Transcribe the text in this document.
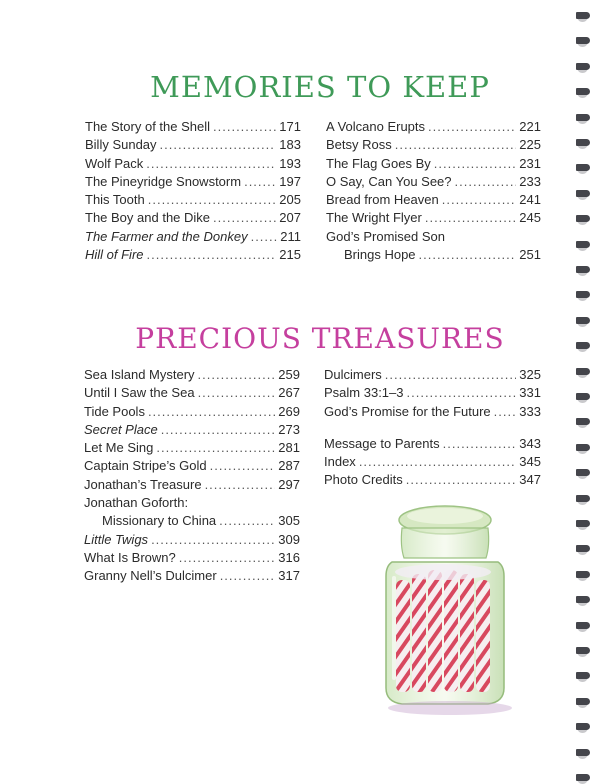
MEMORIES TO KEEP
The Story of the Shell .....	171
Billy Sunday .....	183
Wolf Pack .....	193
The Pineyridge Snowstorm .....	197
This Tooth .....	205
The Boy and the Dike .....	207
The Farmer and the Donkey .....	211
Hill of Fire .....	215
A Volcano Erupts .....	221
Betsy Ross .....	225
The Flag Goes By .....	231
O Say, Can You See? .....	233
Bread from Heaven .....	241
The Wright Flyer .....	245
God’s Promised Son
Brings Hope .....	251
PRECIOUS TREASURES
Sea Island Mystery .....	259
Until I Saw the Sea .....	267
Tide Pools .....	269
Secret Place .....	273
Let Me Sing .....	281
Captain Stripe’s Gold .....	287
Jonathan’s Treasure .....	297
Jonathan Goforth:
Missionary to China .....	305
Little Twigs .....	309
What Is Brown? .....	316
Granny Nell’s Dulcimer .....	317
Dulcimers .....	325
Psalm 33:1–3 .....	331
God’s Promise for the Future ..... 333
Message to Parents .....	343
Index .....	345
Photo Credits .....	347
